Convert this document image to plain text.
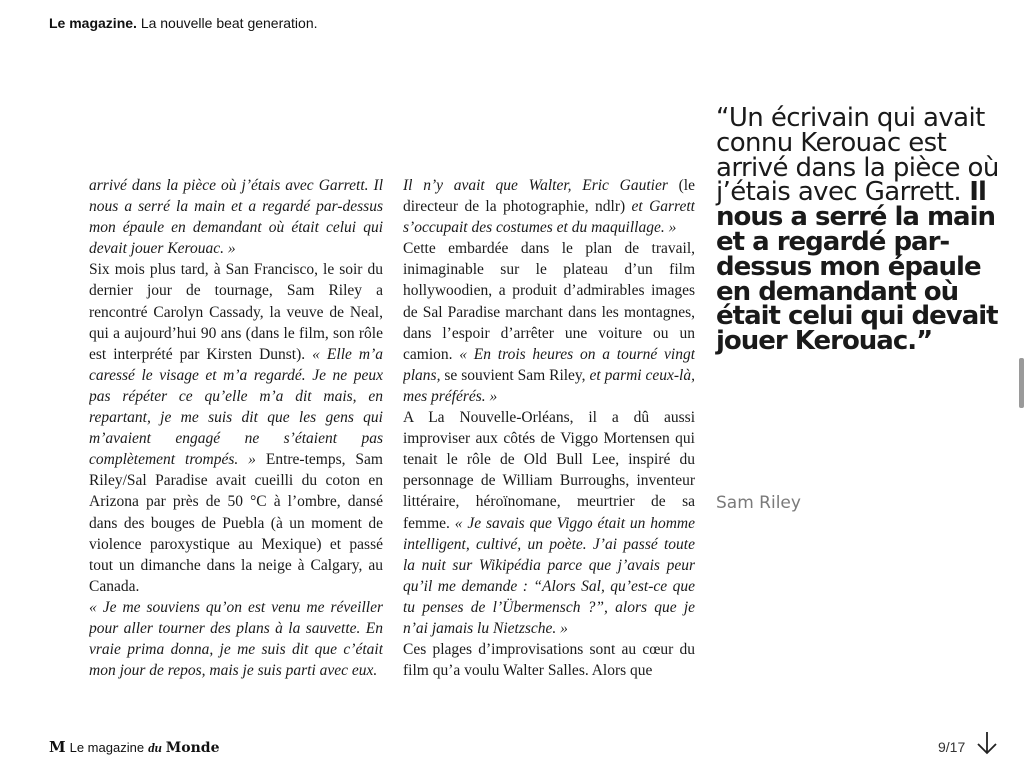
Le magazine. La nouvelle beat generation.

arrivé dans la pièce où j’étais avec Garrett. Il nous a serré la main et a regardé par-dessus mon épaule en demandant où était celui qui devait jouer Kerouac. »

Six mois plus tard, à San Francisco, le soir du dernier jour de tournage, Sam Riley a rencontré Carolyn Cassady, la veuve de Neal, qui a aujourd’hui 90 ans (dans le film, son rôle est interprété par Kirsten Dunst). « Elle m’a caressé le visage et m’a regardé. Je ne peux pas répéter ce qu’elle m’a dit mais, en repartant, je me suis dit que les gens qui m’avaient engagé ne s’étaient pas complètement trompés. » Entre-temps, Sam Riley/Sal Paradise avait cueilli du coton en Arizona par près de 50 °C à l’ombre, dansé dans des bouges de Puebla (à un moment de violence paroxystique au Mexique) et passé tout un dimanche dans la neige à Calgary, au Canada.

« Je me souviens qu’on est venu me réveiller pour aller tourner des plans à la sauvette. En vraie prima donna, je me suis dit que c’était mon jour de repos, mais je suis parti avec eux.

Il n’y avait que Walter, Eric Gautier (le directeur de la photographie, ndlr) et Garrett s’occupait des costumes et du maquillage. »

Cette embardée dans le plan de travail, inimaginable sur le plateau d’un film hollywoodien, a produit d’admirables images de Sal Paradise marchant dans les montagnes, dans l’espoir d’arrêter une voiture ou un camion. « En trois heures on a tourné vingt plans, se souvient Sam Riley, et parmi ceux-là, mes préférés. »

A La Nouvelle-Orléans, il a dû aussi improviser aux côtés de Viggo Mortensen qui tenait le rôle de Old Bull Lee, inspiré du personnage de William Burroughs, inventeur littéraire, héroïnomane, meurtrier de sa femme. « Je savais que Viggo était un homme intelligent, cultivé, un poète. J’ai passé toute la nuit sur Wikipédia parce que j’avais peur qu’il me demande : “Alors Sal, qu’est-ce que tu penses de l’Übermensch ?”, alors que je n’ai jamais lu Nietzsche. »

Ces plages d’improvisations sont au cœur du film qu’a voulu Walter Salles. Alors que

“Un écrivain qui avait connu Kerouac est arrivé dans la pièce où j’étais avec Garrett. Il nous a serré la main et a regardé par-dessus mon épaule en demandant où était celui qui devait jouer Kerouac.”
Sam Riley
M Le magazine du Monde	9/17
